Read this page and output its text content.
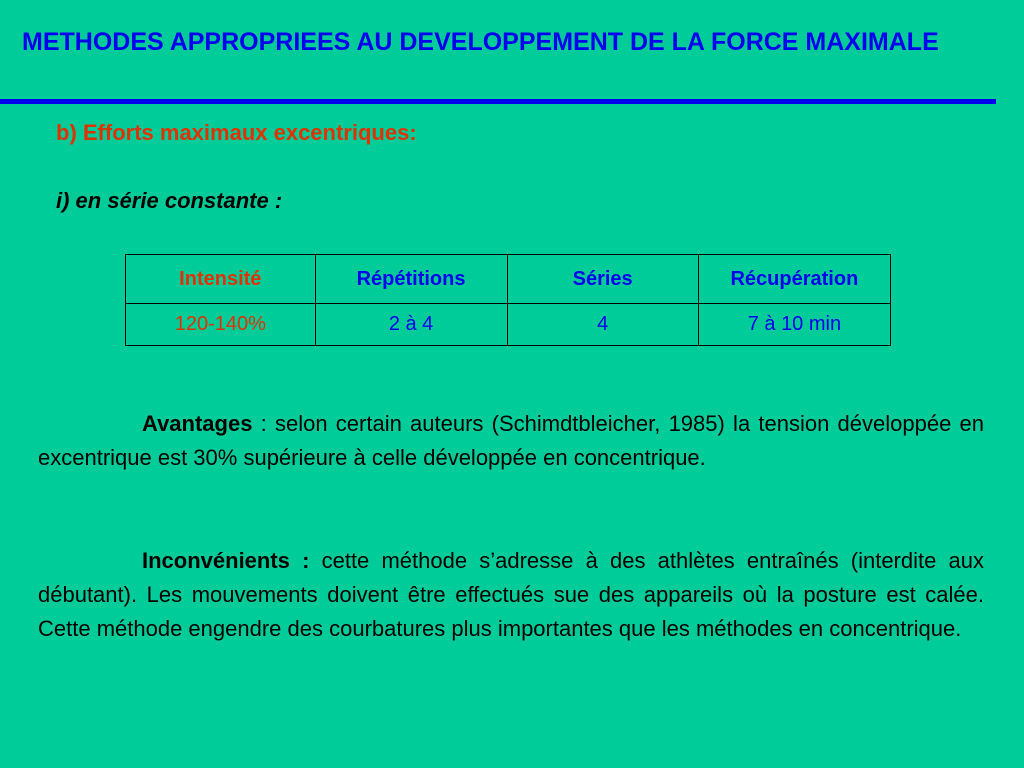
METHODES APPROPRIEES AU DEVELOPPEMENT DE LA FORCE MAXIMALE
b) Efforts maximaux excentriques:
i) en série constante :
Intensité	Répétitions	Séries	Récupération
120-140%	2 à 4	4	7 à 10 min

Avantages : selon certain auteurs (Schimdtbleicher, 1985) la tension développée en excentrique est 30% supérieure à celle développée en concentrique.

Inconvénients : cette méthode s’adresse à des athlètes entraînés (interdite aux débutant). Les mouvements doivent être effectués sue des appareils où la posture est calée. Cette méthode engendre des courbatures plus importantes que les méthodes en concentrique.
